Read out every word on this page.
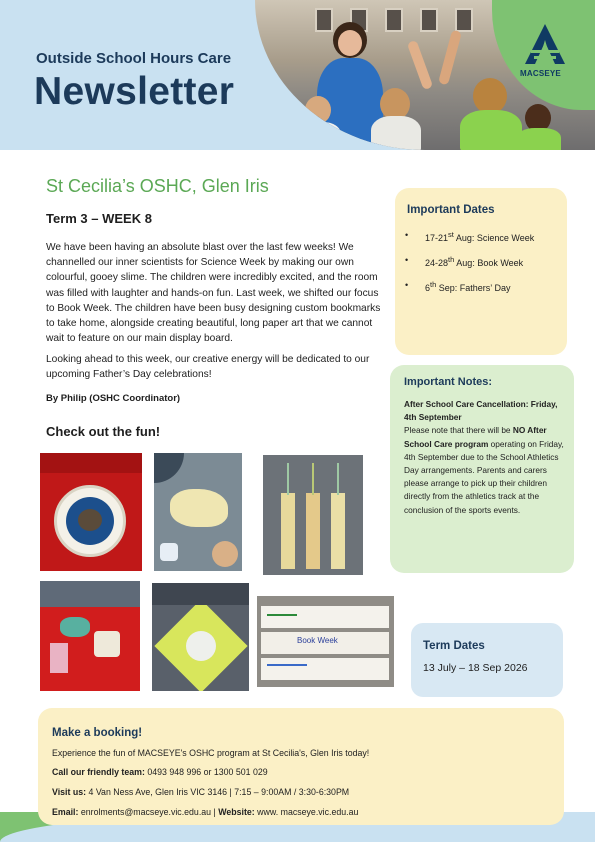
Outside School Hours Care
Newsletter	MACSEYE
St Cecilia’s OSHC, Glen Iris
Term 3 – WEEK 8

We have been having an absolute blast over the last few weeks! We channelled our inner scientists for Science Week by making our own colourful, gooey slime. The children were incredibly excited, and the room was filled with laughter and hands-on fun. Last week, we shifted our focus to Book Week. The children have been busy designing custom bookmarks to take home, alongside creating beautiful, long paper art that we cannot wait to feature on our main display board.

Looking ahead to this week, our creative energy will be dedicated to our upcoming Father’s Day celebrations!

By Philip (OSHC Coordinator)
Check out the fun!
Book Week
Important Dates
• 17-21st Aug: Science Week
• 24-28th Aug: Book Week
• 6th Sep: Fathers’ Day
Important Notes:
After School Care Cancellation: Friday, 4th September
Please note that there will be NO After School Care program operating on Friday, 4th September due to the School Athletics Day arrangements. Parents and carers please arrange to pick up their children directly from the athletics track at the conclusion of the sports events.
Term Dates
13 July – 18 Sep 2026
Make a booking!
Experience the fun of MACSEYE's OSHC program at St Cecilia's, Glen Iris today!
Call our friendly team: 0493 948 996 or 1300 501 029
Visit us: 4 Van Ness Ave, Glen Iris VIC 3146 | 7:15 – 9:00AM / 3:30-6:30PM
Email: enrolments@macseye.vic.edu.au | Website: www. macseye.vic.edu.au
